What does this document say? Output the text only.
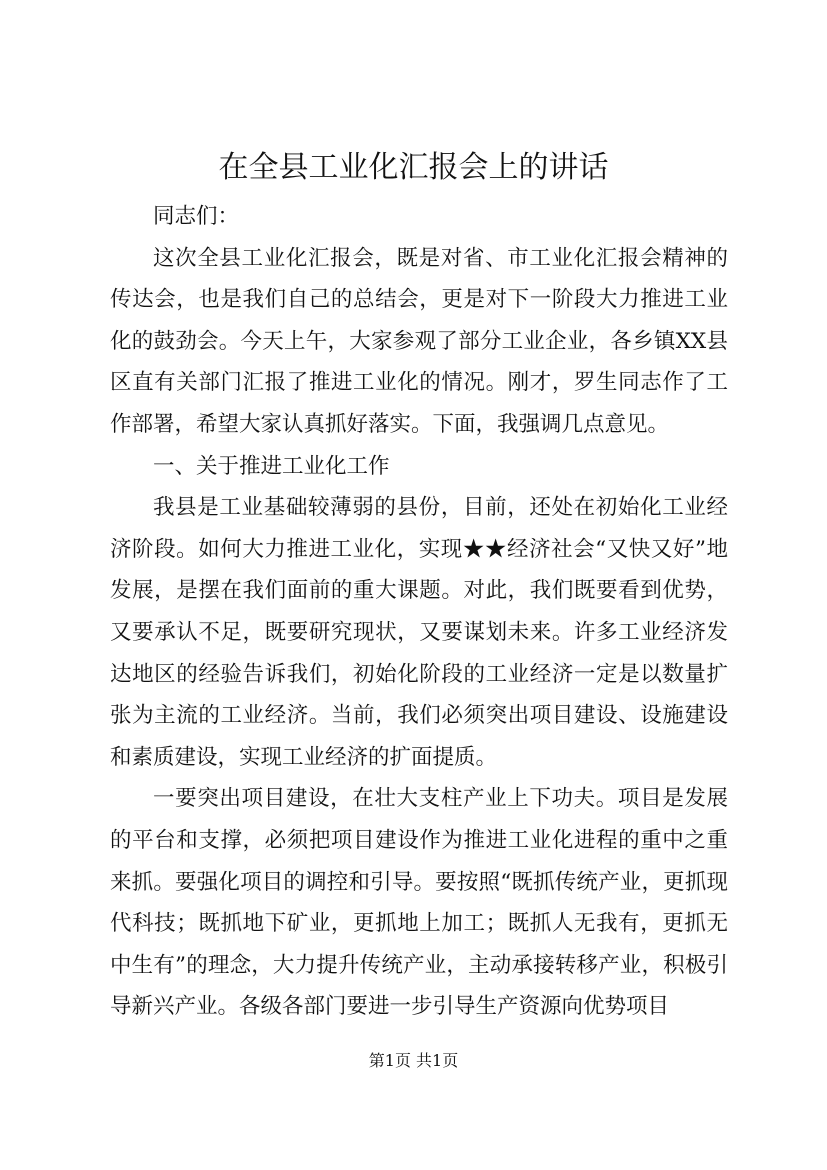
在全县工业化汇报会上的讲话

同志们：

这次全县工业化汇报会，既是对省、市工业化汇报会精神的传达会，也是我们自己的总结会，更是对下一阶段大力推进工业化的鼓劲会。今天上午，大家参观了部分工业企业，各乡镇XX县区直有关部门汇报了推进工业化的情况。刚才，罗生同志作了工作部署，希望大家认真抓好落实。下面，我强调几点意见。

一、关于推进工业化工作

我县是工业基础较薄弱的县份，目前，还处在初始化工业经济阶段。如何大力推进工业化，实现★★经济社会“又快又好”地发展，是摆在我们面前的重大课题。对此，我们既要看到优势，又要承认不足，既要研究现状，又要谋划未来。许多工业经济发达地区的经验告诉我们，初始化阶段的工业经济一定是以数量扩张为主流的工业经济。当前，我们必须突出项目建设、设施建设和素质建设，实现工业经济的扩面提质。

一要突出项目建设，在壮大支柱产业上下功夫。项目是发展的平台和支撑，必须把项目建设作为推进工业化进程的重中之重来抓。要强化项目的调控和引导。要按照“既抓传统产业，更抓现代科技；既抓地下矿业，更抓地上加工；既抓人无我有，更抓无中生有”的理念，大力提升传统产业，主动承接转移产业，积极引导新兴产业。各级各部门要进一步引导生产资源向优势项目

第1页 共1页
